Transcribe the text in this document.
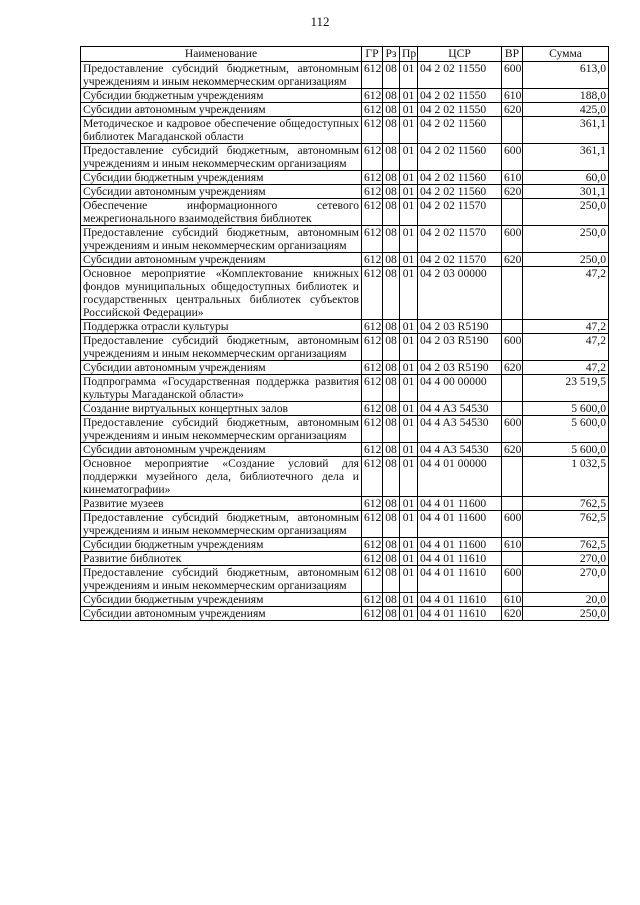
112
Наименование	ГР	Рз	Пр	ЦСР	ВР	Сумма
Предоставление субсидий бюджетным, автономным учреждениям и иным некоммерческим организациям	612	08	01	04 2 02 11550	600	613,0
Субсидии бюджетным учреждениям	612	08	01	04 2 02 11550	610	188,0
Субсидии автономным учреждениям	612	08	01	04 2 02 11550	620	425,0
Методическое и кадровое обеспечение общедоступных библиотек Магаданской области	612	08	01	04 2 02 11560		361,1
Предоставление субсидий бюджетным, автономным учреждениям и иным некоммерческим организациям	612	08	01	04 2 02 11560	600	361,1
Субсидии бюджетным учреждениям	612	08	01	04 2 02 11560	610	60,0
Субсидии автономным учреждениям	612	08	01	04 2 02 11560	620	301,1
Обеспечение информационного сетевого межрегионального взаимодействия библиотек	612	08	01	04 2 02 11570		250,0
Предоставление субсидий бюджетным, автономным учреждениям и иным некоммерческим организациям	612	08	01	04 2 02 11570	600	250,0
Субсидии автономным учреждениям	612	08	01	04 2 02 11570	620	250,0
Основное мероприятие «Комплектование книжных фондов муниципальных общедоступных библиотек и государственных центральных библиотек субъектов Российской Федерации»	612	08	01	04 2 03 00000		47,2
Поддержка отрасли культуры	612	08	01	04 2 03 R5190		47,2
Предоставление субсидий бюджетным, автономным учреждениям и иным некоммерческим организациям	612	08	01	04 2 03 R5190	600	47,2
Субсидии автономным учреждениям	612	08	01	04 2 03 R5190	620	47,2
Подпрограмма «Государственная поддержка развития культуры Магаданской области»	612	08	01	04 4 00 00000		23 519,5
Создание виртуальных концертных залов	612	08	01	04 4 A3 54530		5 600,0
Предоставление субсидий бюджетным, автономным учреждениям и иным некоммерческим организациям	612	08	01	04 4 A3 54530	600	5 600,0
Субсидии автономным учреждениям	612	08	01	04 4 A3 54530	620	5 600,0
Основное мероприятие «Создание условий для поддержки музейного дела, библиотечного дела и кинематографии»	612	08	01	04 4 01 00000		1 032,5
Развитие музеев	612	08	01	04 4 01 11600		762,5
Предоставление субсидий бюджетным, автономным учреждениям и иным некоммерческим организациям	612	08	01	04 4 01 11600	600	762,5
Субсидии бюджетным учреждениям	612	08	01	04 4 01 11600	610	762,5
Развитие библиотек	612	08	01	04 4 01 11610		270,0
Предоставление субсидий бюджетным, автономным учреждениям и иным некоммерческим организациям	612	08	01	04 4 01 11610	600	270,0
Субсидии бюджетным учреждениям	612	08	01	04 4 01 11610	610	20,0
Субсидии автономным учреждениям	612	08	01	04 4 01 11610	620	250,0
